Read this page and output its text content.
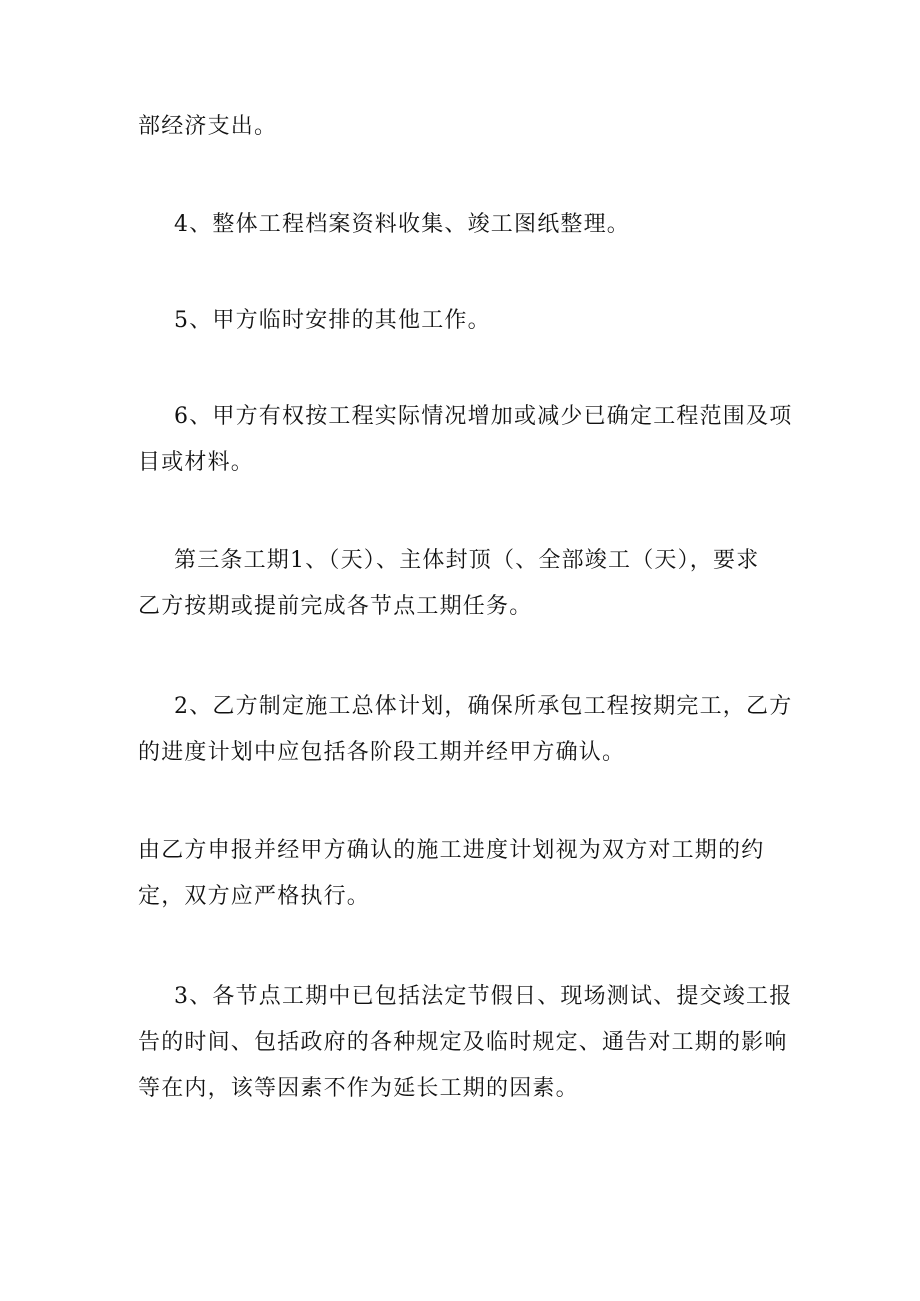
部经济支出。

4、整体工程档案资料收集、竣工图纸整理。

5、甲方临时安排的其他工作。

6、甲方有权按工程实际情况增加或减少已确定工程范围及项
目或材料。

第三条工期1、（天）、主体封顶（、全部竣工（天），要求
乙方按期或提前完成各节点工期任务。

2、乙方制定施工总体计划，确保所承包工程按期完工，乙方
的进度计划中应包括各阶段工期并经甲方确认。

由乙方申报并经甲方确认的施工进度计划视为双方对工期的约
定，双方应严格执行。

3、各节点工期中已包括法定节假日、现场测试、提交竣工报
告的时间、包括政府的各种规定及临时规定、通告对工期的影响
等在内，该等因素不作为延长工期的因素。
